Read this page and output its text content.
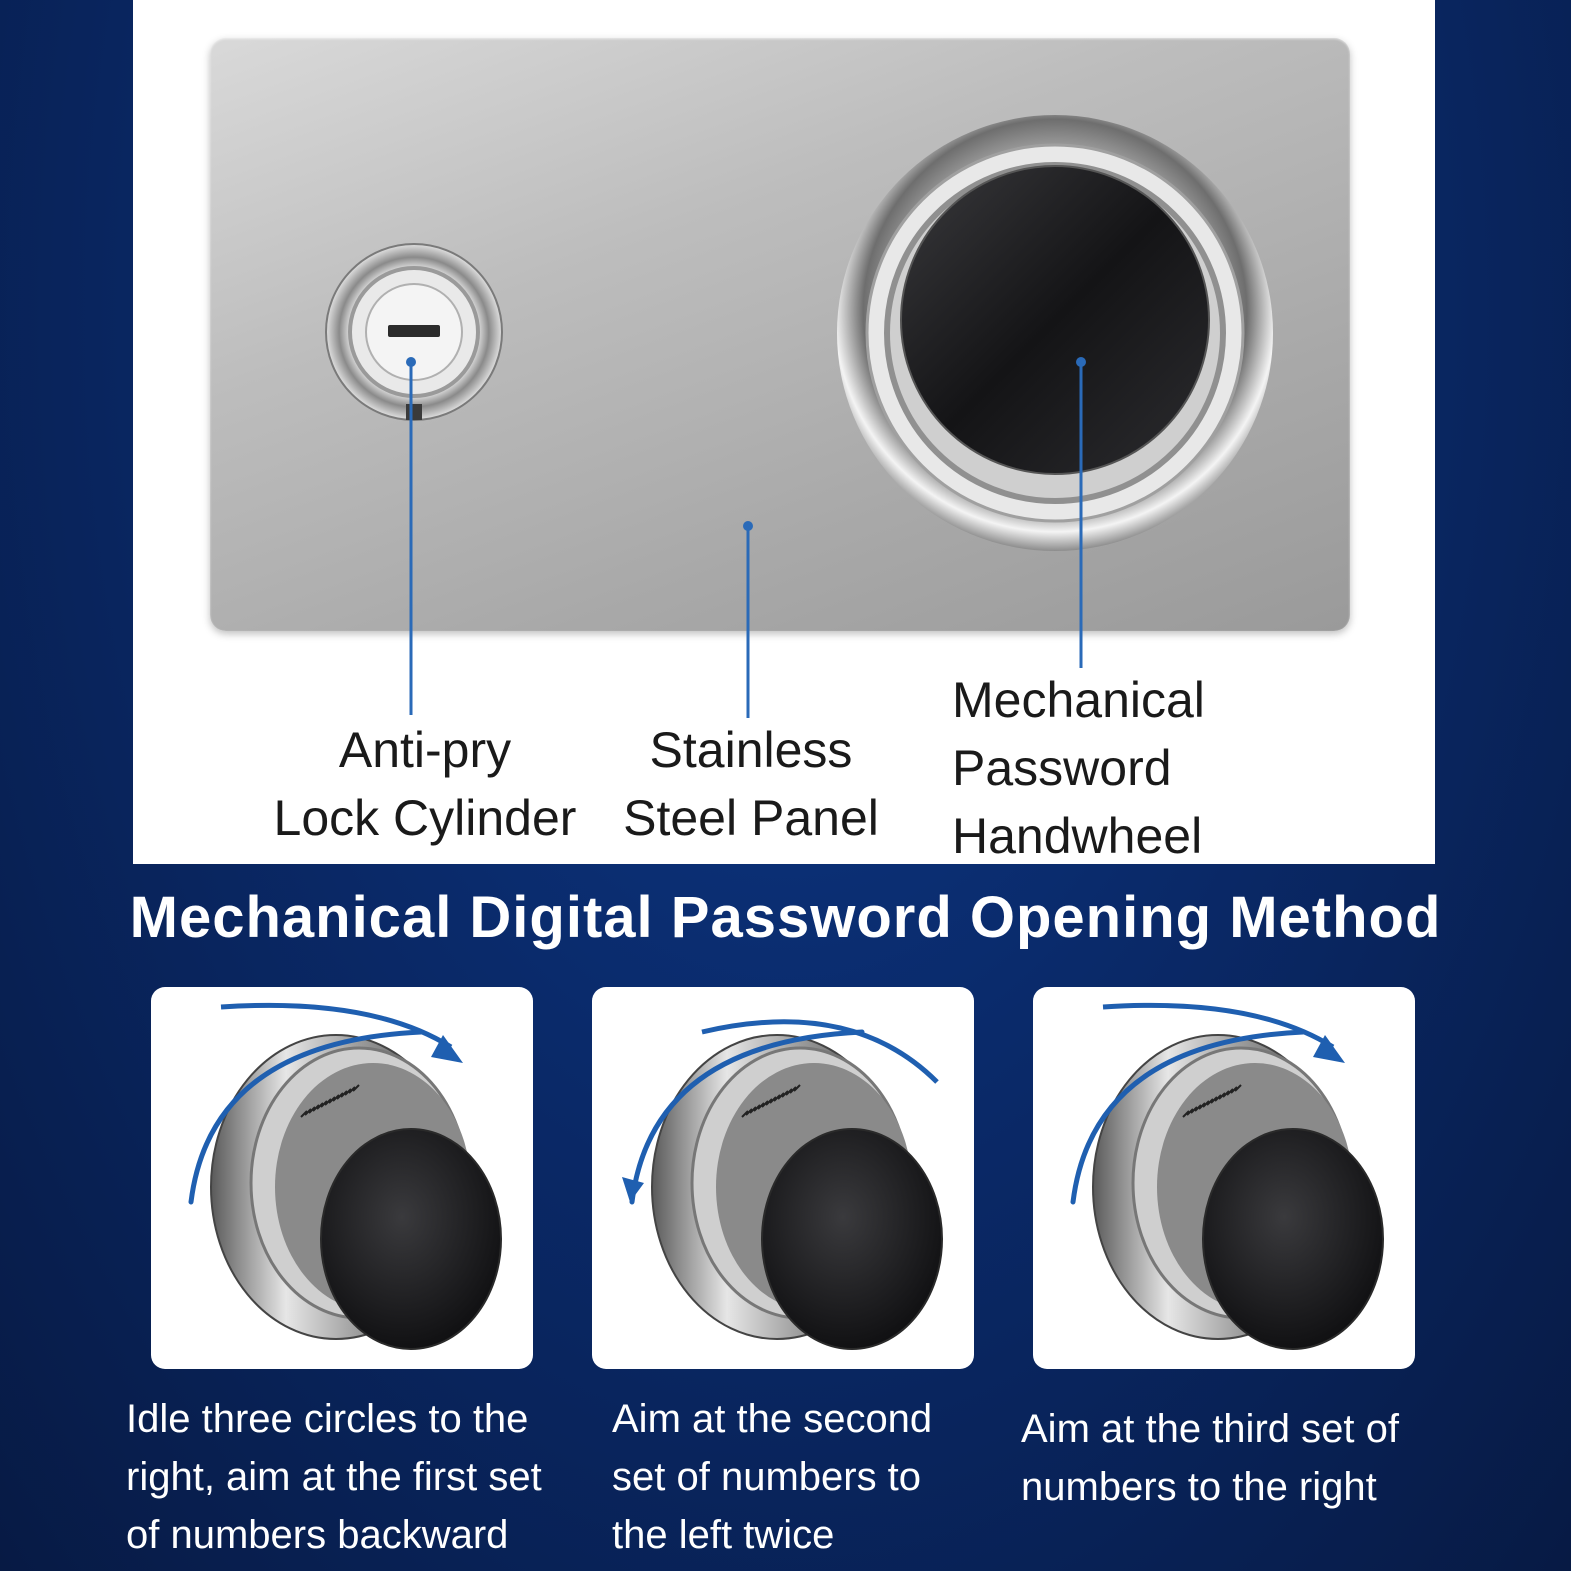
Anti-pry
Lock Cylinder
Stainless
Steel Panel
Mechanical
Password
Handwheel
Mechanical Digital Password Opening Method
Idle three circles to the right, aim at the first set of numbers backward
Aim at the second set of numbers to the left twice
Aim at the third set of numbers to the right
